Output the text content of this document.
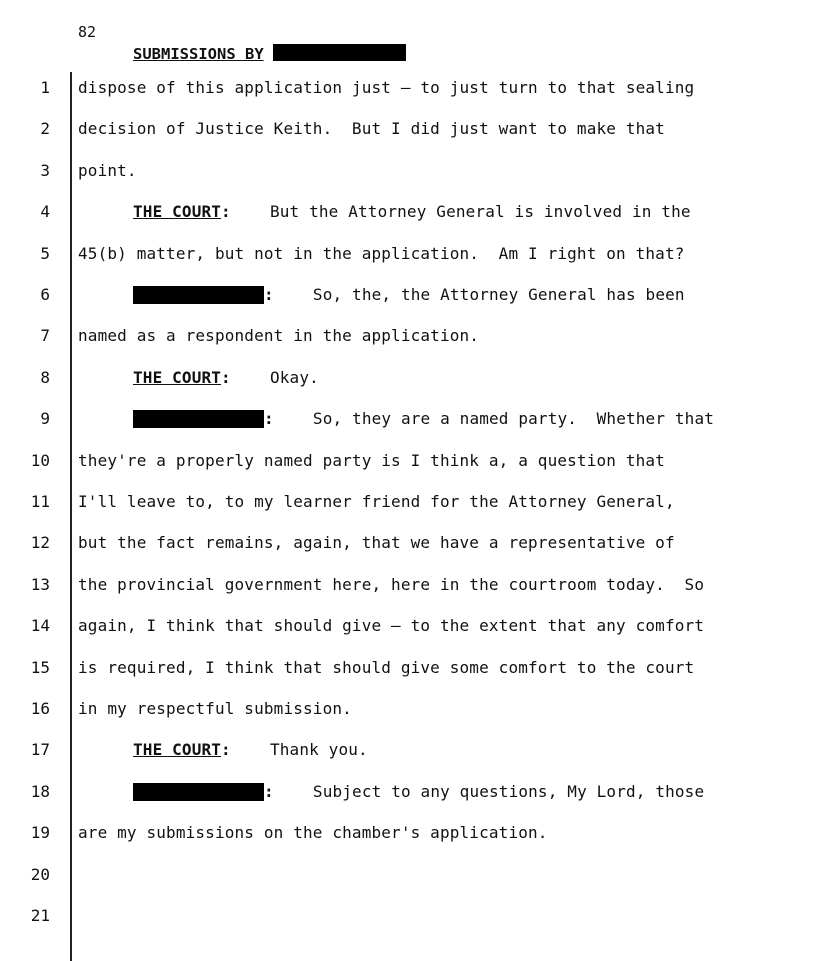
82
SUBMISSIONS BY
1 dispose of this application just — to just turn to that sealing
2 decision of Justice Keith.  But I did just want to make that
3 point.
4	THE COURT:    But the Attorney General is involved in the
5 45(b) matter, but not in the application.  Am I right on that?
6	:    So, the, the Attorney General has been
7 named as a respondent in the application.
8	THE COURT:    Okay.
9	:    So, they are a named party.  Whether that
10 they're a properly named party is I think a, a question that
11 I'll leave to, to my learner friend for the Attorney General,
12 but the fact remains, again, that we have a representative of
13 the provincial government here, here in the courtroom today.  So
14 again, I think that should give — to the extent that any comfort
15 is required, I think that should give some comfort to the court
16 in my respectful submission.
17	THE COURT:    Thank you.
18	:    Subject to any questions, My Lord, those
19 are my submissions on the chamber's application.
20
21
